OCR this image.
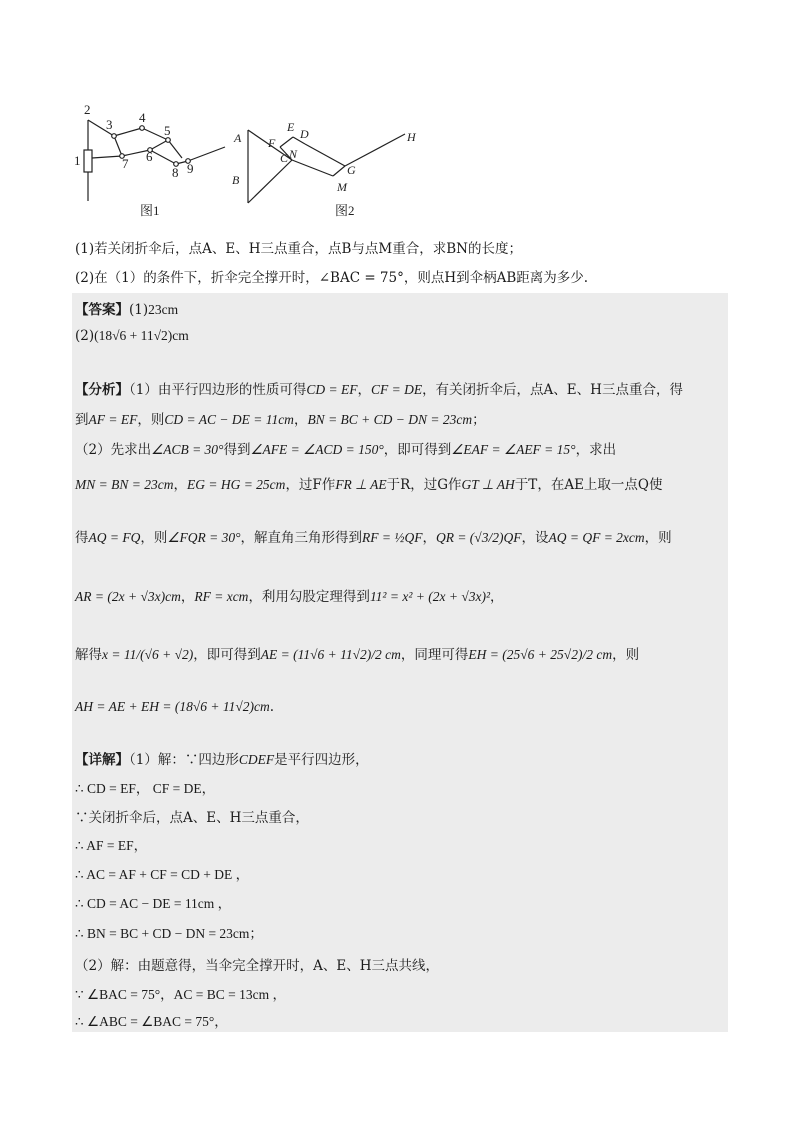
2
3 4
5
1	6
7
8 9
图1
A
B
E D
F
C N
G
M
H
图2
(1)若关闭折伞后，点A、E、H三点重合，点B与点M重合，求BN的长度；
(2)在（1）的条件下，折伞完全撑开时，∠BAC = 75°，则点H到伞柄AB距离为多少.
【答案】(1)23cm
(2)(18√6 + 11√2)cm
【分析】（1）由平行四边形的性质可得CD = EF，CF = DE，有关闭折伞后，点A、E、H三点重合，得
到AF = EF，则CD = AC − DE = 11cm，BN = BC + CD − DN = 23cm；
（2）先求出∠ACB = 30°得到∠AFE = ∠ACD = 150°，即可得到∠EAF = ∠AEF = 15°，求出
MN = BN = 23cm，EG = HG = 25cm，过F作FR ⊥ AE于R，过G作GT ⊥ AH于T，在AE上取一点Q使
得AQ = FQ，则∠FQR = 30°，解直角三角形得到RF = ½QF，QR = (√3/2)QF，设AQ = QF = 2xcm，则
AR = (2x + √3x)cm，RF = xcm，利用勾股定理得到11² = x² + (2x + √3x)²，
解得x = 11/(√6 + √2)，即可得到AE = (11√6 + 11√2)/2 cm，同理可得EH = (25√6 + 25√2)/2 cm，则
AH = AE + EH = (18√6 + 11√2)cm.
【详解】（1）解：∵四边形CDEF是平行四边形，
∴ CD = EF， CF = DE，
∵关闭折伞后，点A、E、H三点重合，
∴ AF = EF，
∴ AC = AF + CF = CD + DE ，
∴ CD = AC − DE = 11cm ，
∴ BN = BC + CD − DN = 23cm；
（2）解：由题意得，当伞完全撑开时，A、E、H三点共线，
∵ ∠BAC = 75°，AC = BC = 13cm ，
∴ ∠ABC = ∠BAC = 75°，
